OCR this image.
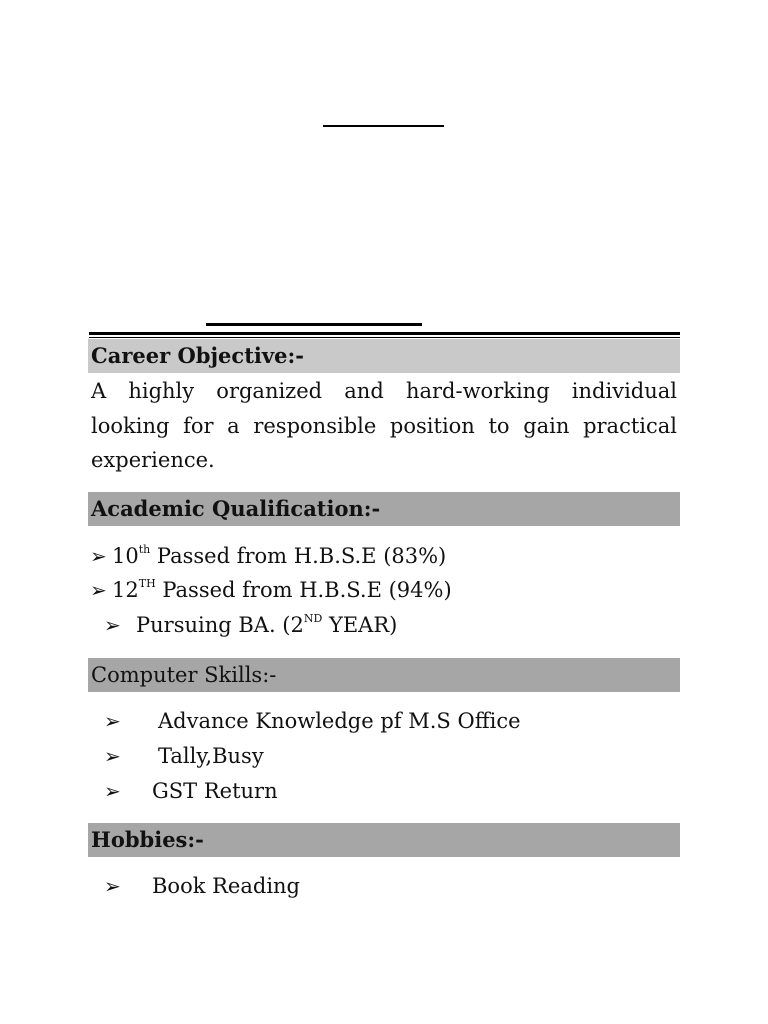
Career Objective:-

A highly organized and hard-working individual looking for a responsible position to gain practical experience.

Academic Qualification:-
➢ 10th Passed from H.B.S.E (83%)
➢ 12TH Passed from H.B.S.E (94%)
➢ Pursuing BA. (2ND YEAR)
Computer Skills:-
➢ Advance Knowledge pf M.S Office
➢ Tally,Busy
➢ GST Return
Hobbies:-
➢ Book Reading
